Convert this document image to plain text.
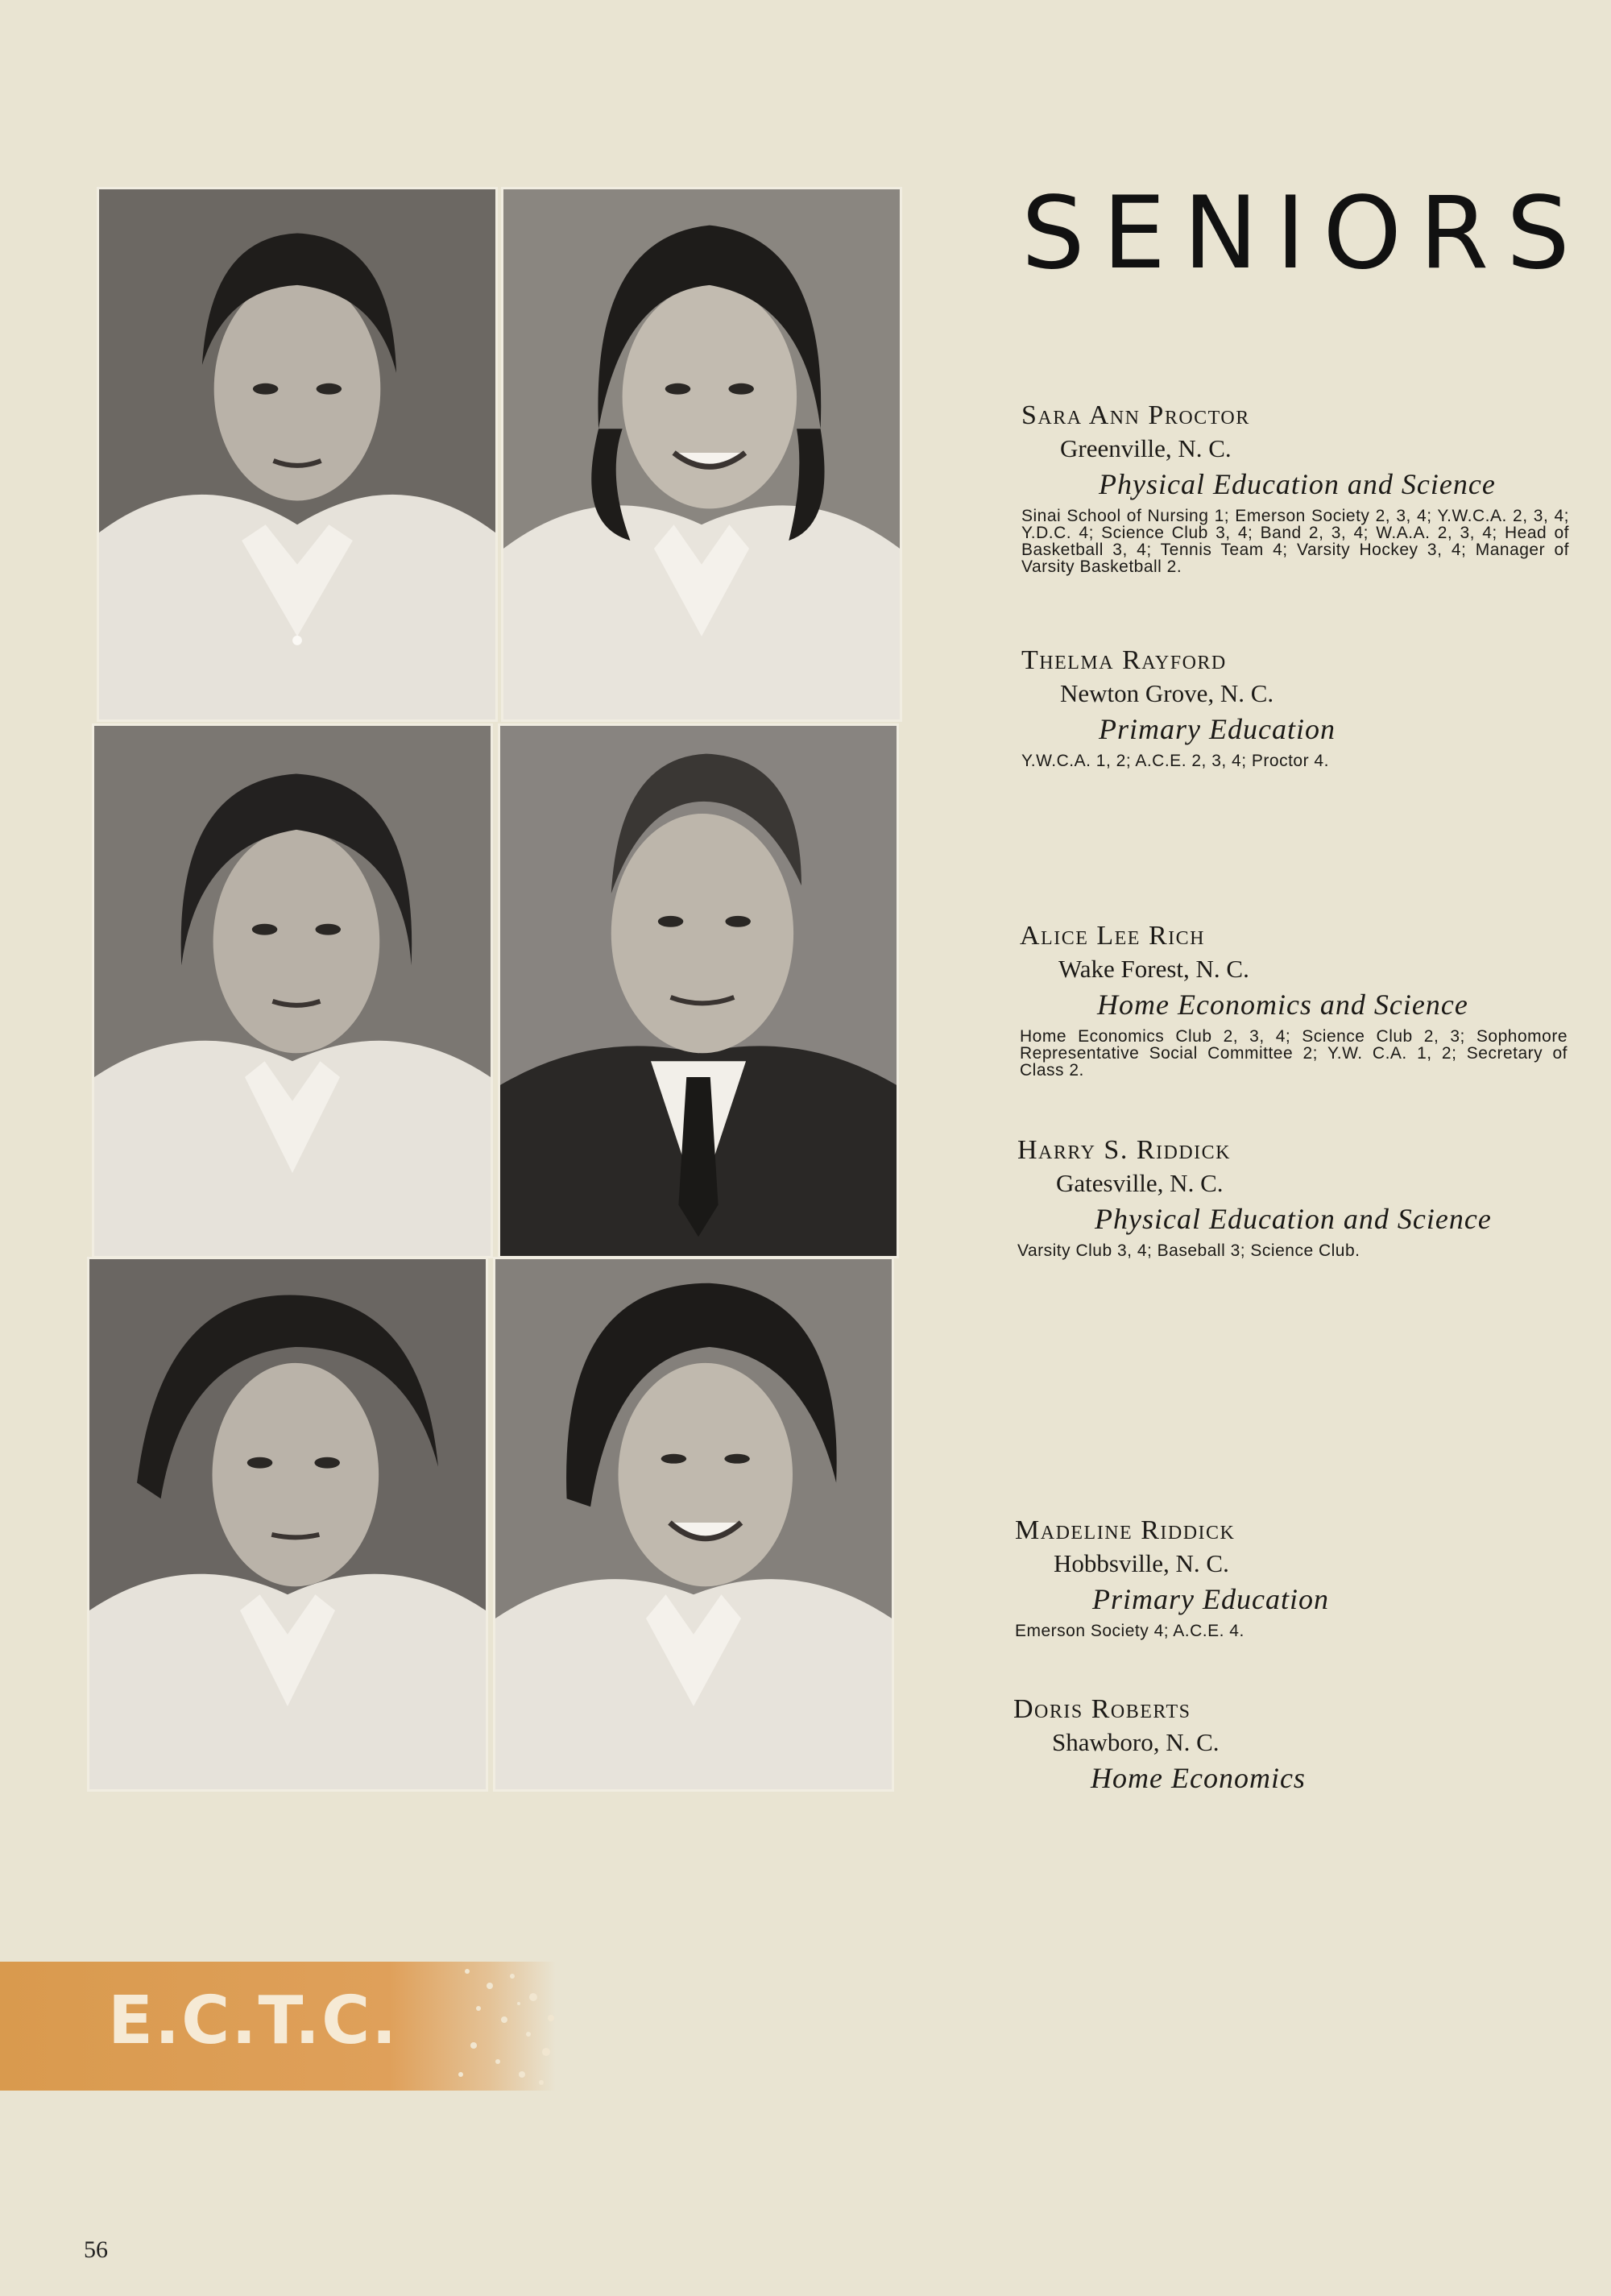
SENIORS
Sara Ann Proctor
Greenville, N. C.
Physical Education and Science
Sinai School of Nursing 1; Emerson Society 2, 3, 4; Y.W.C.A. 2, 3, 4; Y.D.C. 4; Science Club 3, 4; Band 2, 3, 4; W.A.A. 2, 3, 4; Head of Basketball 3, 4; Tennis Team 4; Varsity Hockey 3, 4; Manager of Varsity Basketball 2.
Thelma Rayford
Newton Grove, N. C.
Primary Education
Y.W.C.A. 1, 2; A.C.E. 2, 3, 4; Proctor 4.
Alice Lee Rich
Wake Forest, N. C.
Home Economics and Science
Home Economics Club 2, 3, 4; Science Club 2, 3; Sophomore Representative Social Committee 2; Y.W. C.A. 1, 2; Secretary of Class 2.
Harry S. Riddick
Gatesville, N. C.
Physical Education and Science
Varsity Club 3, 4; Baseball 3; Science Club.
Madeline Riddick
Hobbsville, N. C.
Primary Education
Emerson Society 4; A.C.E. 4.
Doris Roberts
Shawboro, N. C.
Home Economics
E.C.T.C.
56
